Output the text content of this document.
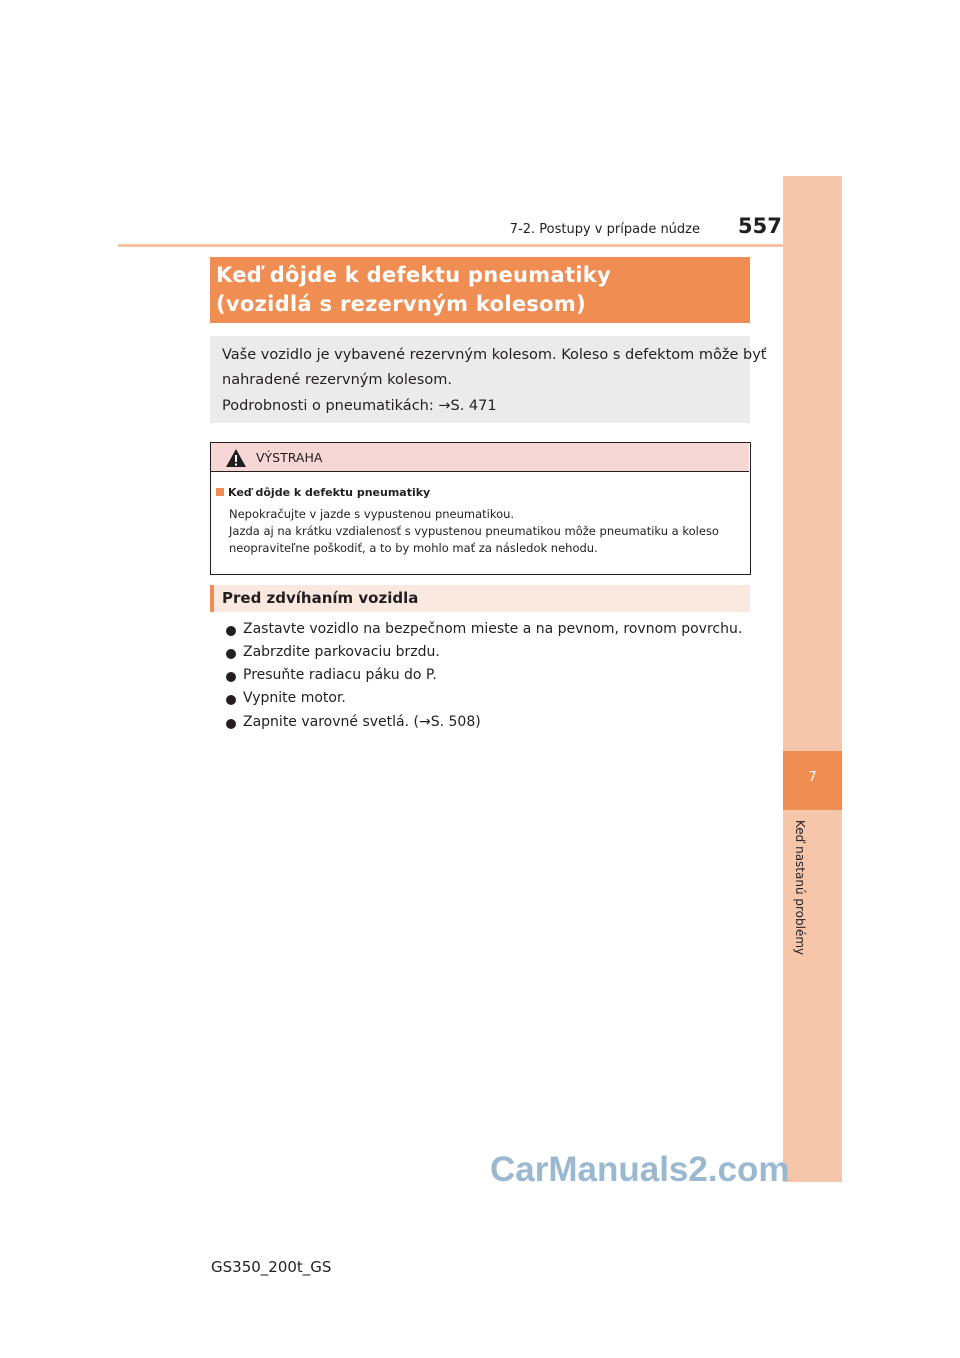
7-2. Postupy v prípade núdze 557
7
Keď nastanú problémy
Keď dôjde k defektu pneumatiky
(vozidlá s rezervným kolesom)
Vaše vozidlo je vybavené rezervným kolesom. Koleso s defektom môže byť
nahradené rezervným kolesom.
Podrobnosti o pneumatikách: →S. 471
VÝSTRAHA
Keď dôjde k defektu pneumatiky
Nepokračujte v jazde s vypustenou pneumatikou.
Jazda aj na krátku vzdialenosť s vypustenou pneumatikou môže pneumatiku a koleso
neopraviteľne poškodiť, a to by mohlo mať za následok nehodu.
Pred zdvíhaním vozidla
Zastavte vozidlo na bezpečnom mieste a na pevnom, rovnom povrchu.
Zabrzdite parkovaciu brzdu.
Presuňte radiacu páku do P.
Vypnite motor.
Zapnite varovné svetlá. (→S. 508)
CarManuals2.com
GS350_200t_GS
